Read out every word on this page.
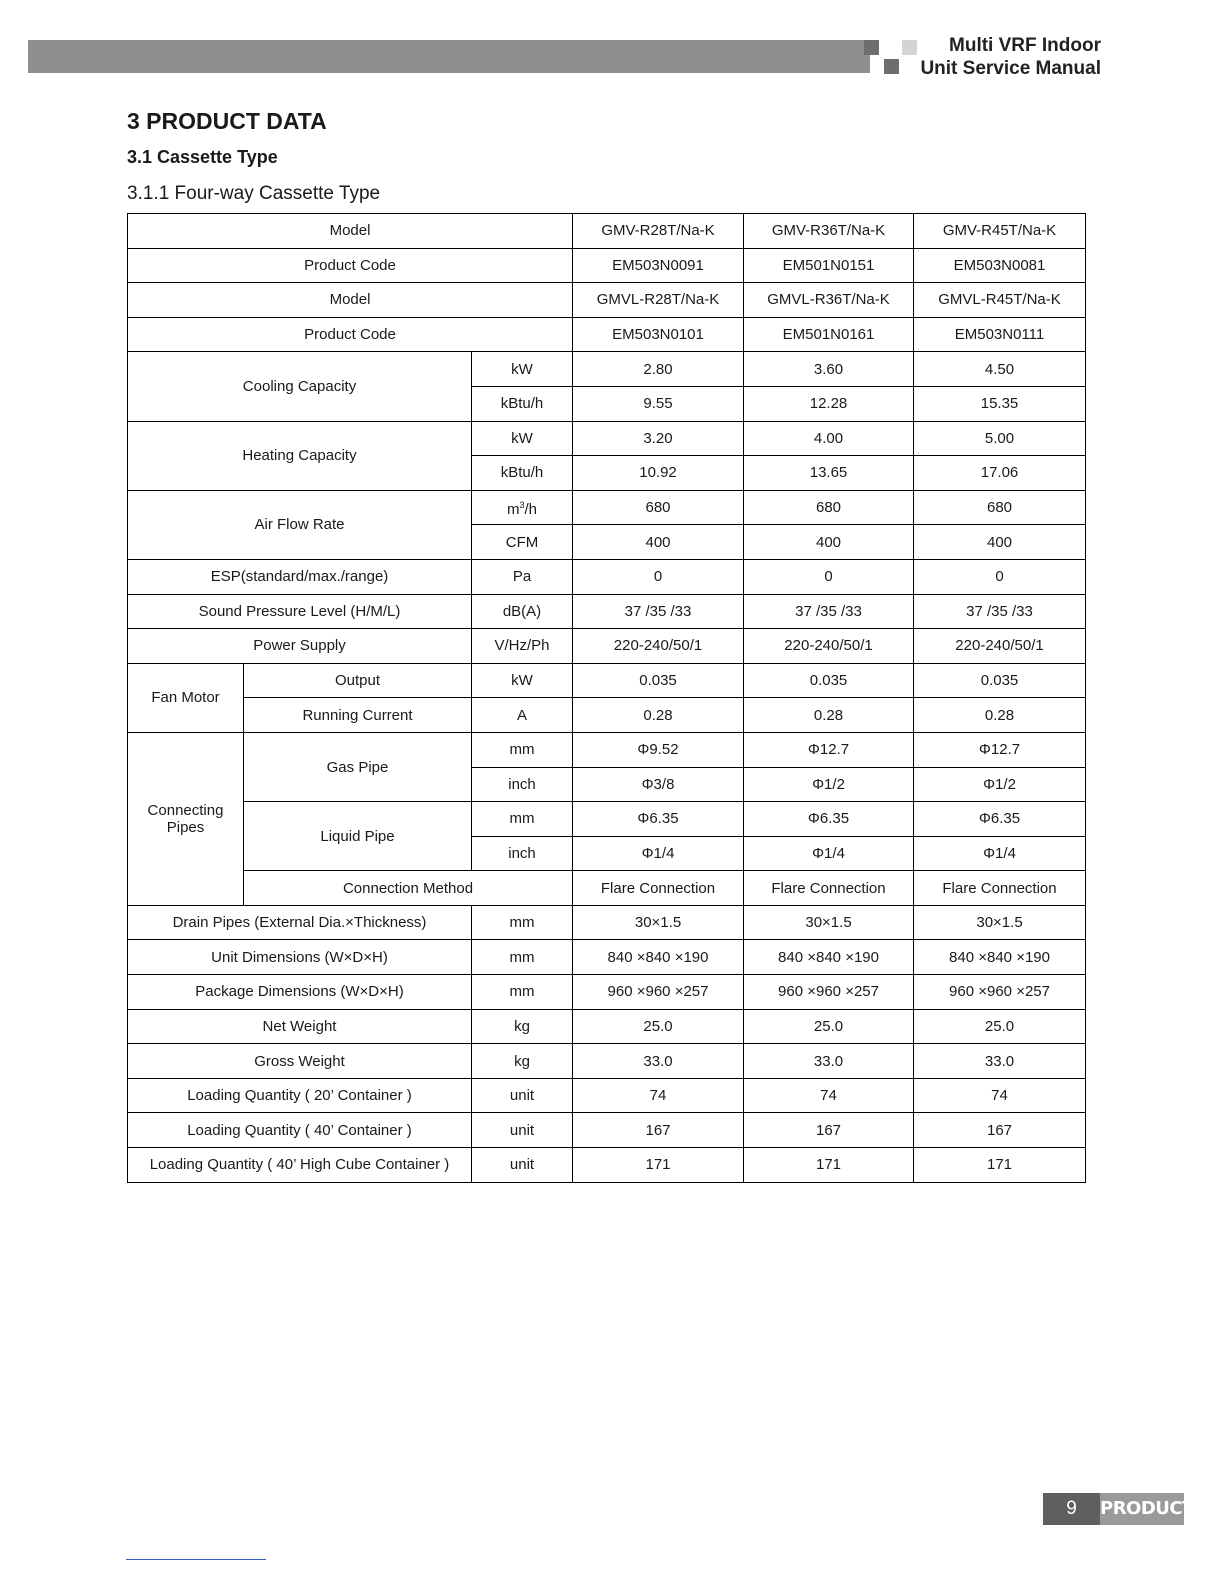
Multi VRF Indoor
Unit Service Manual
3 PRODUCT DATA
3.1 Cassette Type
3.1.1 Four-way Cassette Type
Model			GMV-R28T/Na-K	GMV-R36T/Na-K	GMV-R45T/Na-K
Product Code			EM503N0091	EM501N0151	EM503N0081
Model			GMVL-R28T/Na-K	GMVL-R36T/Na-K	GMVL-R45T/Na-K
Product Code			EM503N0101	EM501N0161	EM503N0111
Cooling Capacity		kW	2.80	3.60	4.50
		kBtu/h	9.55	12.28	15.35
Heating Capacity		kW	3.20	4.00	5.00
		kBtu/h	10.92	13.65	17.06
Air Flow Rate		$m^3/h$	680	680	680
		CFM	400	400	400
ESP(standard/max./range)		Pa	0	0	0
Sound Pressure Level (H/M/L)		dB(A)	37 /35 /33	37 /35 /33	37 /35 /33
Power Supply		V/Hz/Ph	220-240/50/1	220-240/50/1	220-240/50/1
Fan Motor	Output	kW	0.035	0.035	0.035
	Running Current	A	0.28	0.28	0.28
Connecting Pipes	Gas Pipe	mm	Φ9.52	Φ12.7	Φ12.7
		inch	Φ3/8	Φ1/2	Φ1/2
	Liquid Pipe	mm	Φ6.35	Φ6.35	Φ6.35
		inch	Φ1/4	Φ1/4	Φ1/4
	Connection Method		Flare Connection	Flare Connection	Flare Connection
Drain Pipes (External Dia.×Thickness)		mm	30×1.5	30×1.5	30×1.5
Unit Dimensions (W×D×H)		mm	840 ×840 ×190	840 ×840 ×190	840 ×840 ×190
Package Dimensions (W×D×H)		mm	960 ×960 ×257	960 ×960 ×257	960 ×960 ×257
Net Weight		kg	25.0	25.0	25.0
Gross Weight		kg	33.0	33.0	33.0
Loading Quantity ( 20’ Container )		unit	74	74	74
Loading Quantity ( 40’ Container )		unit	167	167	167
Loading Quantity ( 40’ High Cube Container )		unit	171	171	171
9	PRODUCT
